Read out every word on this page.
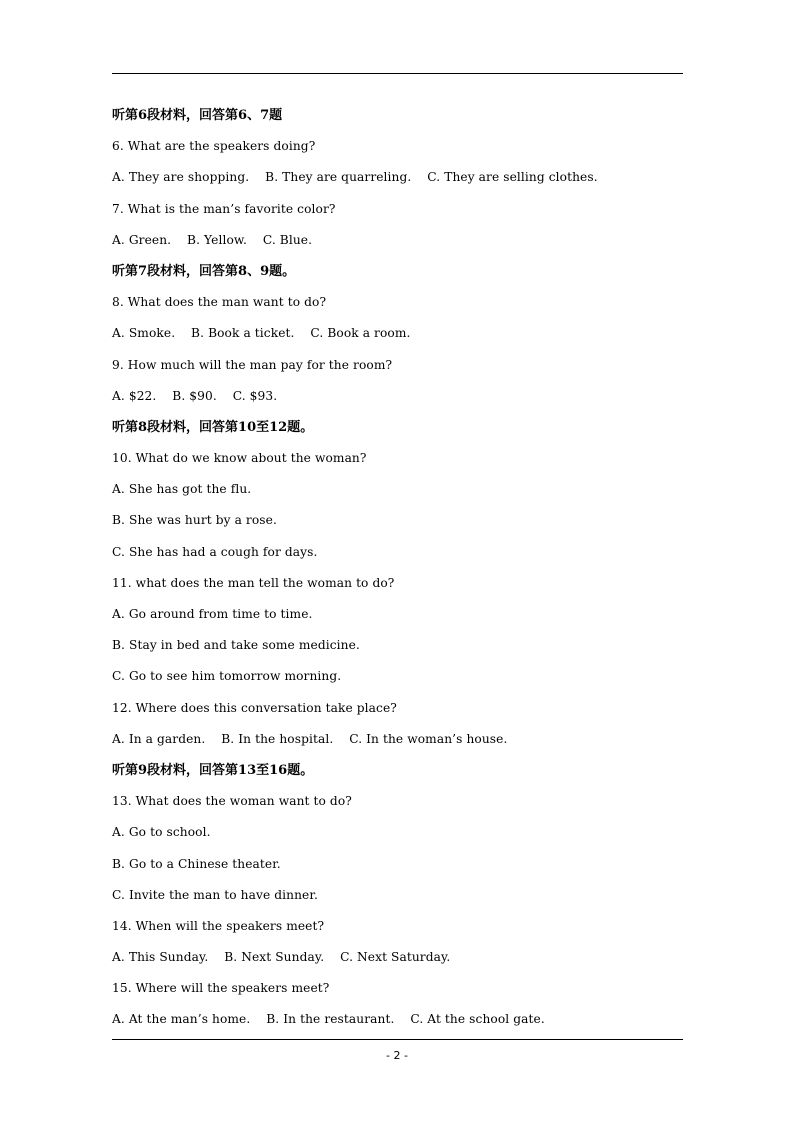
听第6段材料，回答第6、7题
6. What are the speakers doing?
A. They are shopping.    B. They are quarreling.    C. They are selling clothes.
7. What is the man’s favorite color?
A. Green.    B. Yellow.    C. Blue.
听第7段材料，回答第8、9题。
8. What does the man want to do?
A. Smoke.    B. Book a ticket.    C. Book a room.
9. How much will the man pay for the room?
A. $22.    B. $90.    C. $93.
听第8段材料，回答第10至12题。
10. What do we know about the woman?
A. She has got the flu.
B. She was hurt by a rose.
C. She has had a cough for days.
11. what does the man tell the woman to do?
A. Go around from time to time.
B. Stay in bed and take some medicine.
C. Go to see him tomorrow morning.
12. Where does this conversation take place?
A. In a garden.    B. In the hospital.    C. In the woman’s house.
听第9段材料，回答第13至16题。
13. What does the woman want to do?
A. Go to school.
B. Go to a Chinese theater.
C. Invite the man to have dinner.
14. When will the speakers meet?
A. This Sunday.    B. Next Sunday.    C. Next Saturday.
15. Where will the speakers meet?
A. At the man’s home.    B. In the restaurant.    C. At the school gate.
- 2 -
